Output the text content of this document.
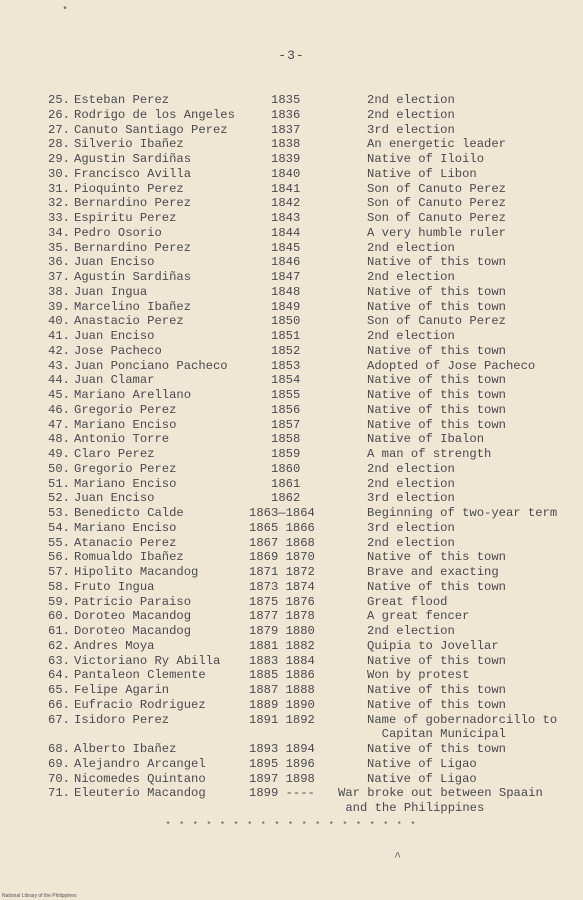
•
-3-
25. Esteban Perez	1835	2nd election
26. Rodrigo de los Angeles	1836	2nd election
27. Canuto Santiago Perez	1837	3rd election
28. Silverio Ibañez	1838	An energetic leader
29. Agustin Sardiñas	1839	Native of Iloilo
30. Francisco Avilla	1840	Native of Libon
31. Pioquinto Perez	1841	Son of Canuto Perez
32. Bernardino Perez	1842	Son of Canuto Perez
33. Espiritu Perez	1843	Son of Canuto Perez
34. Pedro Osorio	1844	A very humble ruler
35. Bernardino Perez	1845	2nd election
36. Juan Enciso	1846	Native of this town
37. Agustin Sardiñas	1847	2nd election
38. Juan Ingua	1848	Native of this town
39. Marcelino Ibañez	1849	Native of this town
40. Anastacio Perez	1850	Son of Canuto Perez
41. Juan Enciso	1851	2nd election
42. Jose Pacheco	1852	Native of this town
43. Juan Ponciano Pacheco	1853	Adopted of Jose Pacheco
44. Juan Clamar	1854	Native of this town
45. Mariano Arellano	1855	Native of this town
46. Gregorio Perez	1856	Native of this town
47. Mariano Enciso	1857	Native of this town
48. Antonio Torre	1858	Native of Ibalon
49. Claro Perez	1859	A man of strength
50. Gregorio Perez	1860	2nd election
51. Mariano Enciso	1861	2nd election
52. Juan Enciso	1862	3rd election
53. Benedicto Calde	1863—1864	Beginning of two-year term
54. Mariano Enciso	1865 1866	3rd election
55. Atanacio Perez	1867 1868	2nd election
56. Romualdo Ibañez	1869 1870	Native of this town
57. Hipolito Macandog	1871 1872	Brave and exacting
58. Fruto Ingua	1873 1874	Native of this town
59. Patricio Paraiso	1875 1876	Great flood
60. Doroteo Macandog	1877 1878	A great fencer
61. Doroteo Macandog	1879 1880	2nd election
62. Andres Moya	1881 1882	Quipia to Jovellar
63. Victoriano Ry Abilla 1883 1884	Native of this town
64. Pantaleon Clemente	1885 1886	Won by protest
65. Felipe Agarin	1887 1888	Native of this town
66. Eufracio Rodriguez	1889 1890	Native of this town
67. Isidoro Perez	1891 1892	Name of gobernadorcillo to
Capitan Municipal
68. Alberto Ibañez	1893 1894	Native of this town
69. Alejandro Arcangel	1895 1896	Native of Ligao
70. Nicomedes Quintano	1897 1898	Native of Ligao
71. Eleuterio Macandog	1899 ---- War broke out between Spaain
and the Philippines
* * * * * * * * * * * * * * * * * * *
^
National Library of the Philippines
